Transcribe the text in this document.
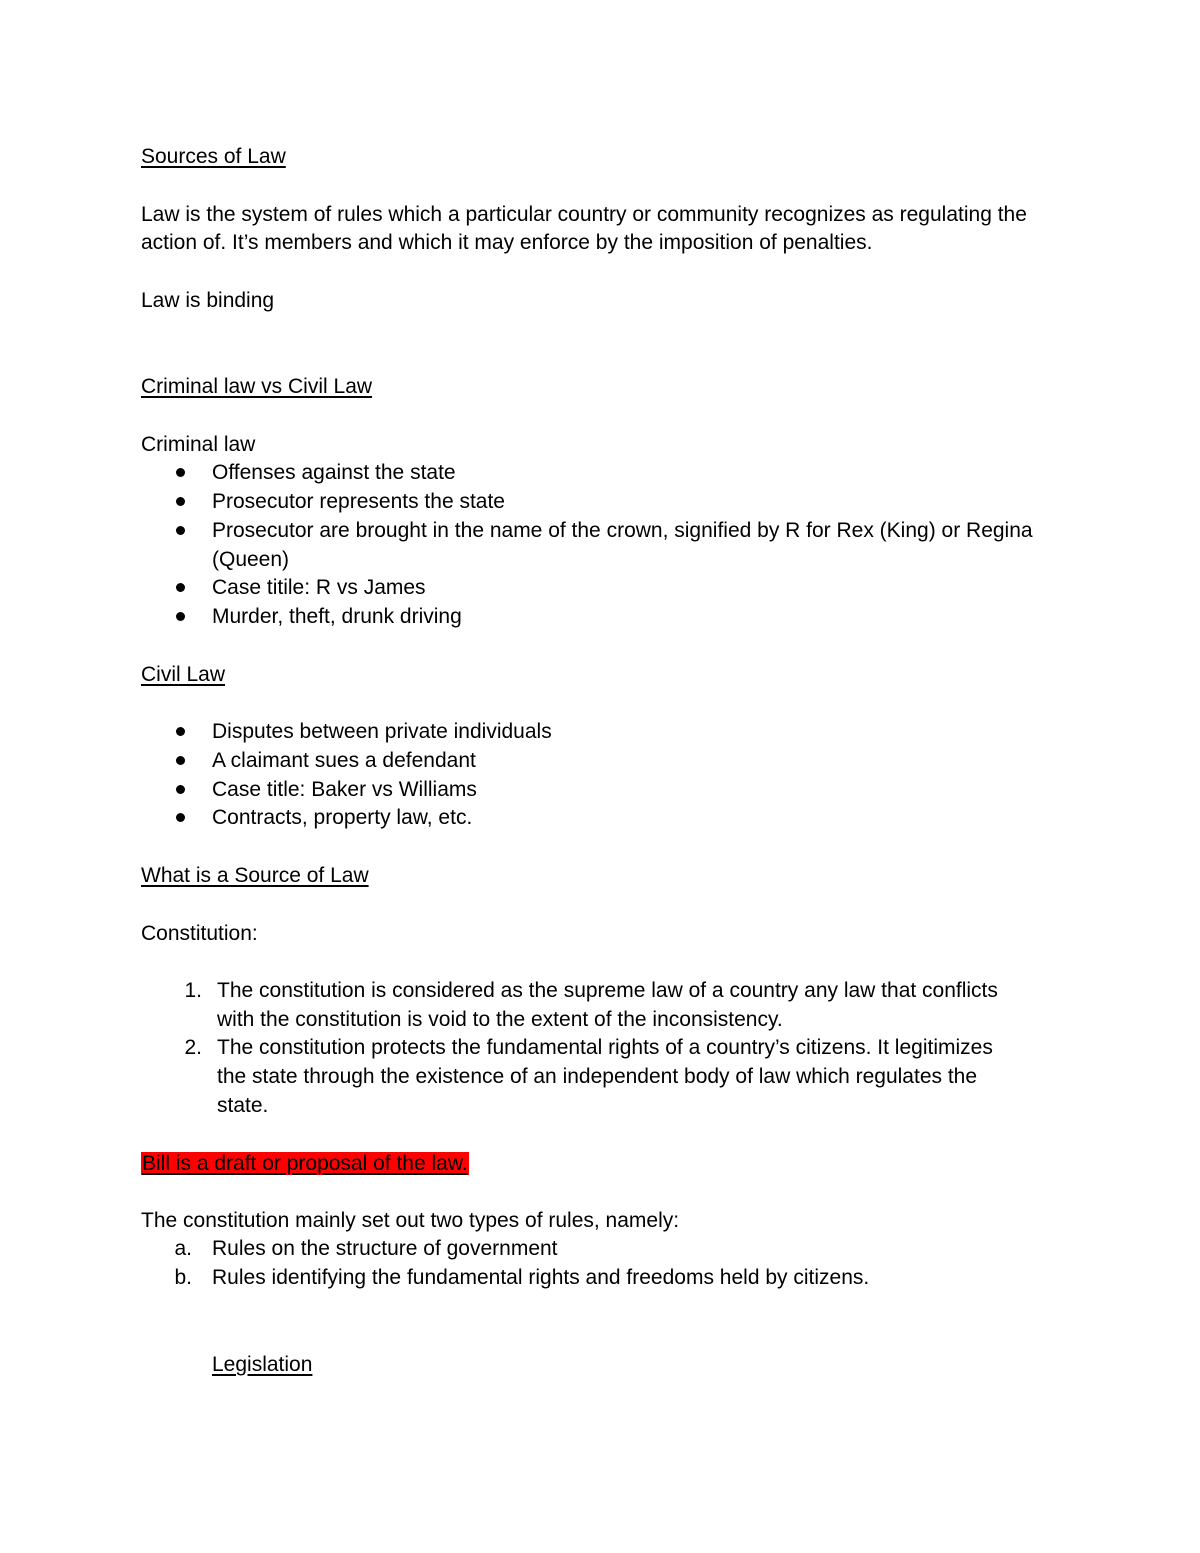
Sources of Law
Law is the system of rules which a particular country or community recognizes as regulating the
action of. It’s members and which it may enforce by the imposition of penalties.
Law is binding
Criminal law vs Civil Law
Criminal law
Offenses against the state
Prosecutor represents the state
Prosecutor are brought in the name of the crown, signified by R for Rex (King) or Regina
(Queen)
Case titile: R vs James
Murder, theft, drunk driving
Civil Law
Disputes between private individuals
A claimant sues a defendant
Case title: Baker vs Williams
Contracts, property law, etc.
What is a Source of Law
Constitution:
1. The constitution is considered as the supreme law of a country any law that conflicts
with the constitution is void to the extent of the inconsistency.
2. The constitution protects the fundamental rights of a country’s citizens. It legitimizes
the state through the existence of an independent body of law which regulates the
state.
Bill is a draft or proposal of the law.
The constitution mainly set out two types of rules, namely:
a. Rules on the structure of government
b. Rules identifying the fundamental rights and freedoms held by citizens.
Legislation
